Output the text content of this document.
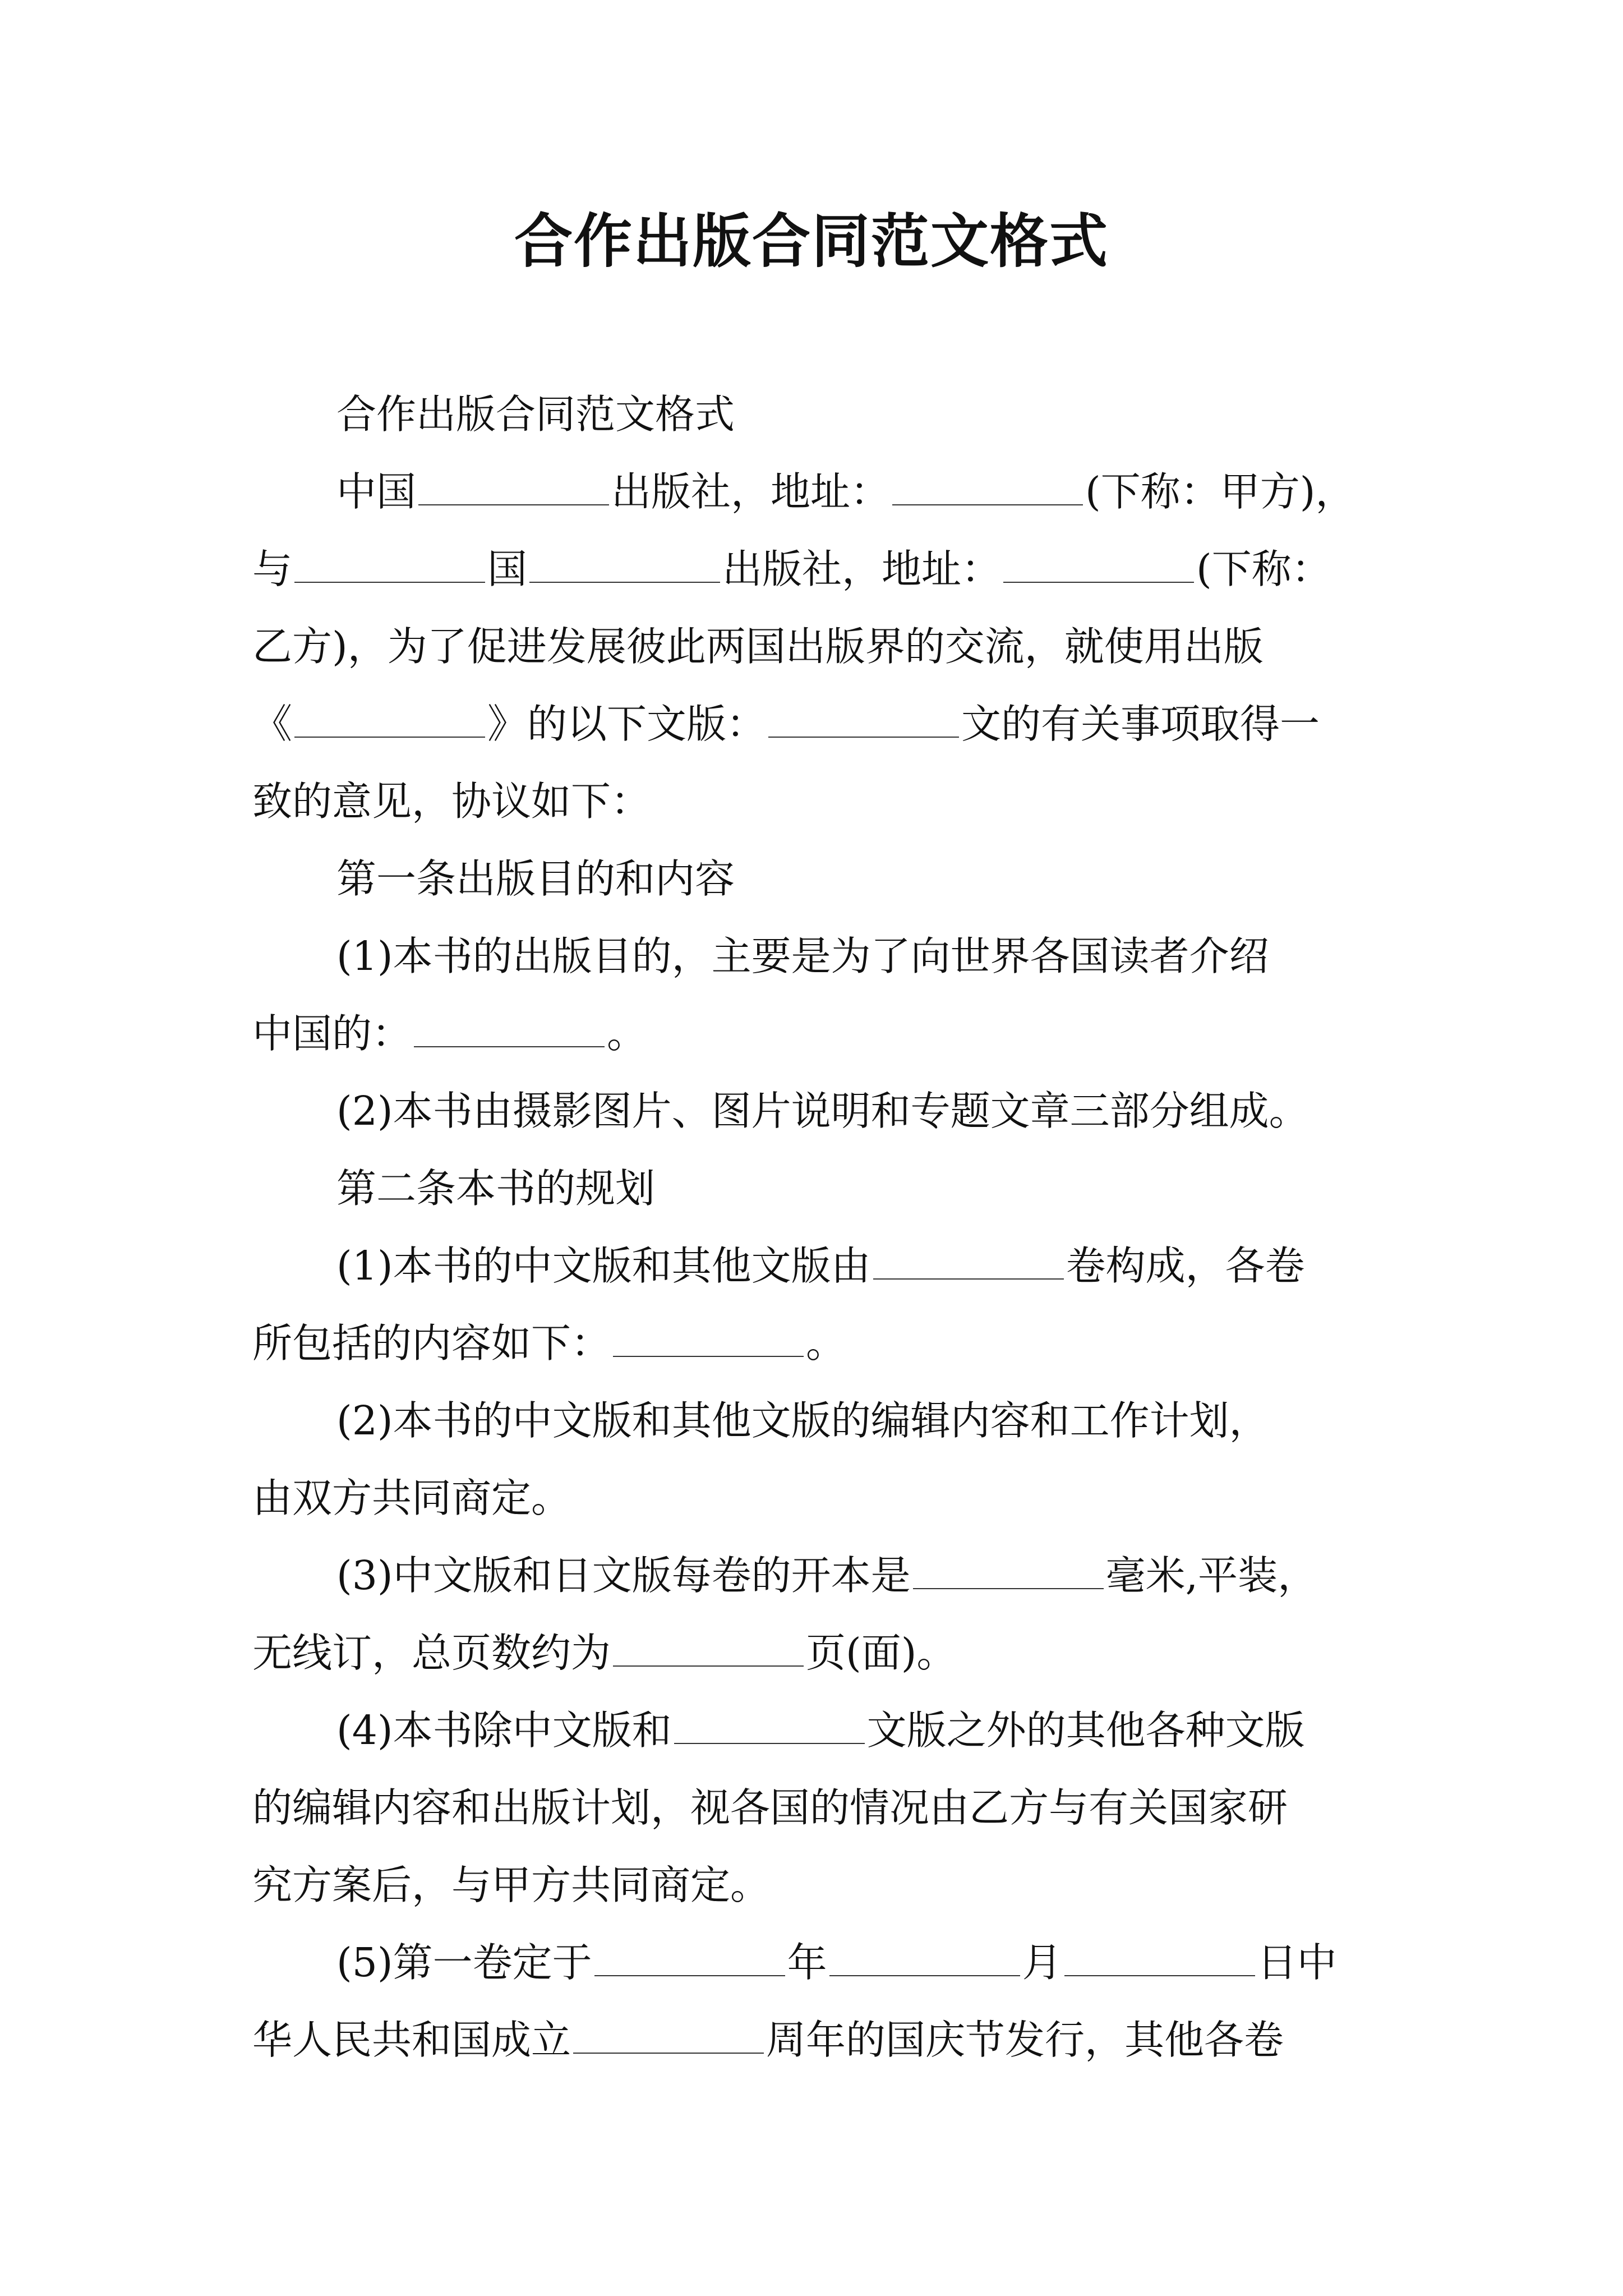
合作出版合同范文格式
合作出版合同范文格式
中国	出版社，地址：	(下称：甲方)，
与	国	出版社，地址：	(下称：
乙方)，为了促进发展彼此两国出版界的交流，就使用出版
《	》的以下文版：	文的有关事项取得一
致的意见，协议如下：
第一条出版目的和内容
(1)本书的出版目的，主要是为了向世界各国读者介绍
中国的：	。
(2)本书由摄影图片、图片说明和专题文章三部分组成。
第二条本书的规划
(1)本书的中文版和其他文版由	卷构成，各卷
所包括的内容如下：	。
(2)本书的中文版和其他文版的编辑内容和工作计划，
由双方共同商定。
(3)中文版和日文版每卷的开本是	毫米,平装，
无线订，总页数约为	页(面)。
(4)本书除中文版和	文版之外的其他各种文版
的编辑内容和出版计划，视各国的情况由乙方与有关国家研
究方案后，与甲方共同商定。
(5)第一卷定于	年	月	日中
华人民共和国成立	周年的国庆节发行，其他各卷
